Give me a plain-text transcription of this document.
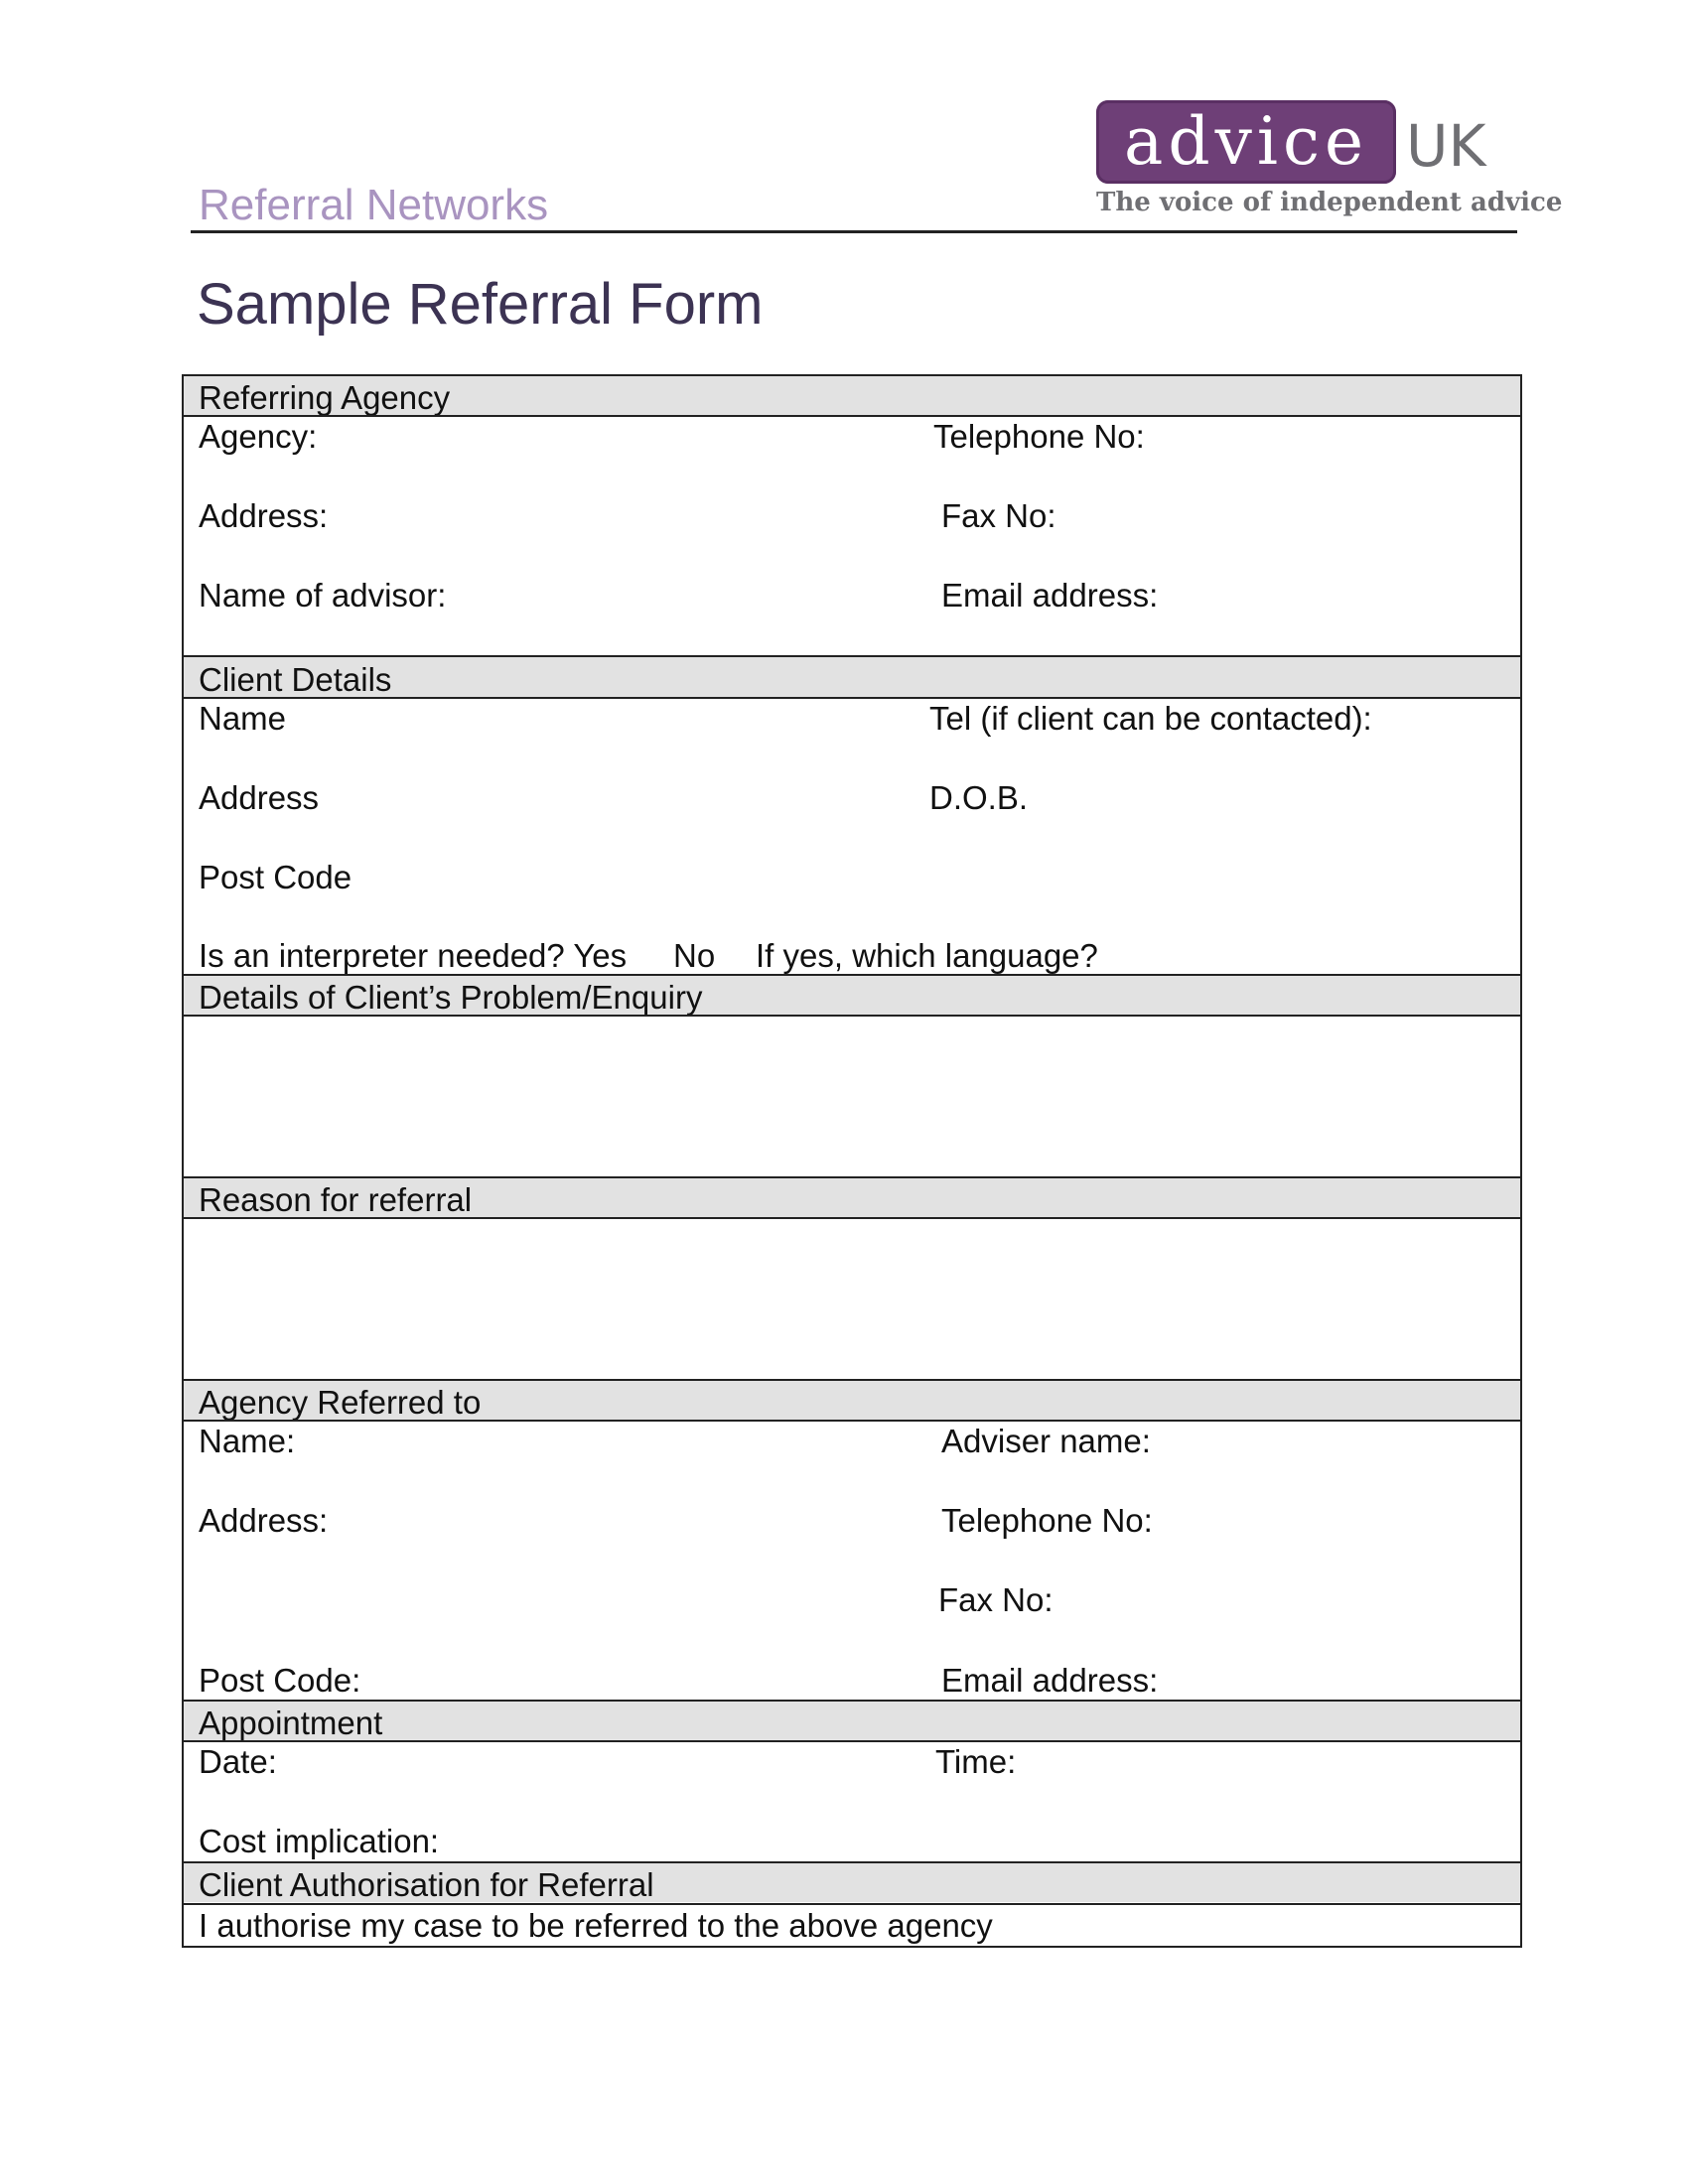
Referral Networks
advice UK
The voice of independent advice
Sample Referral Form
Referring Agency
Agency:	Telephone No:
Address:	Fax No:
Name of advisor:	Email address:
Client Details
Name	Tel (if client can be contacted):
Address	D.O.B.
Post Code
Is an interpreter needed? Yes No If yes, which language?
Details of Client’s Problem/Enquiry
Reason for referral
Agency Referred to
Name:	Adviser name:
Address:	Telephone No:
Fax No:
Post Code:	Email address:
Appointment
Date:	Time:
Cost implication:
Client Authorisation for Referral
I authorise my case to be referred to the above agency
